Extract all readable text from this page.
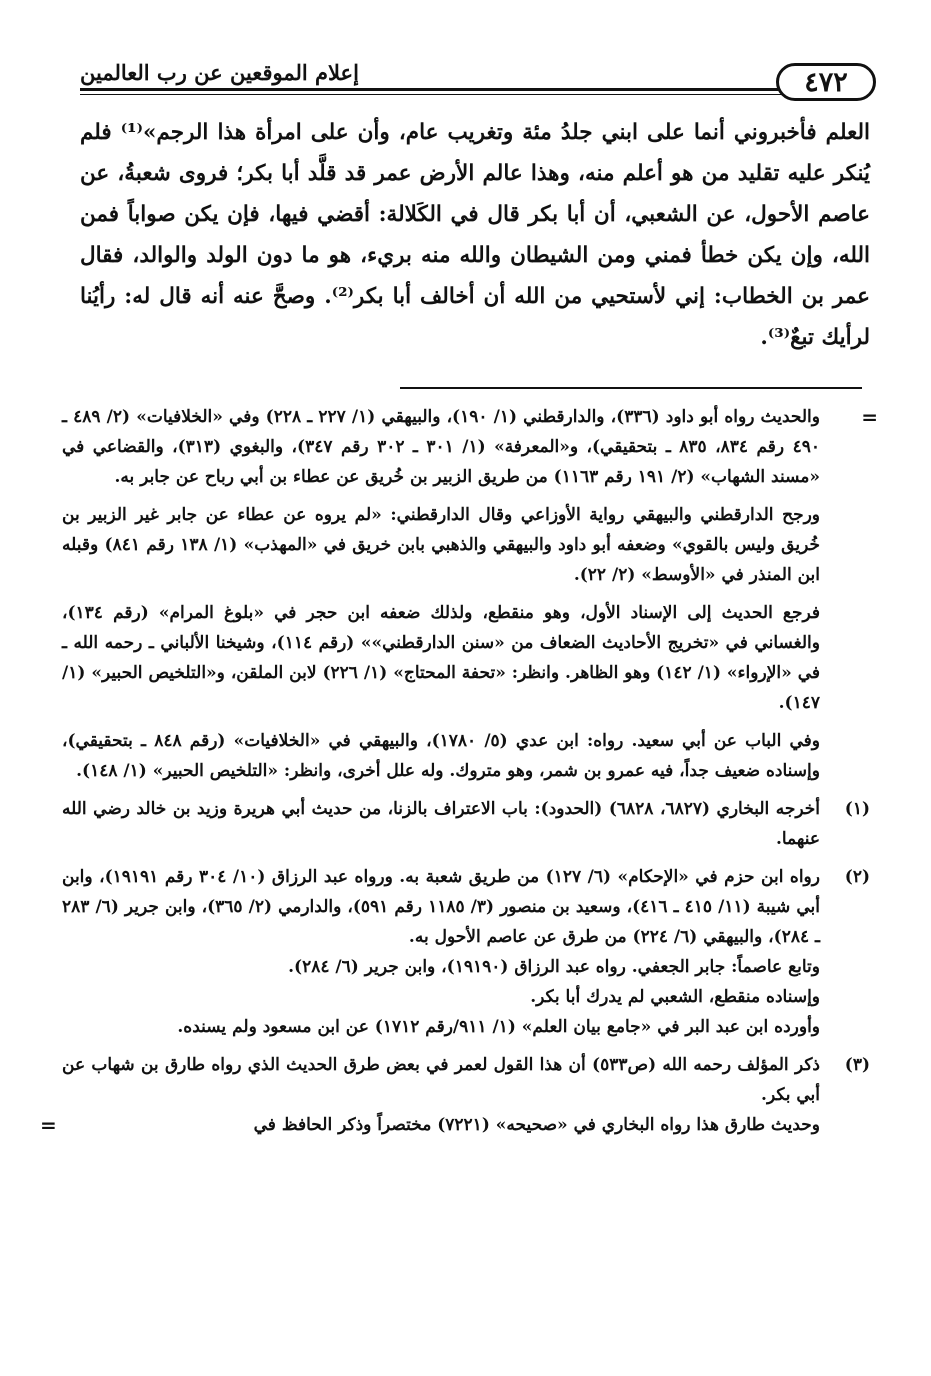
إعلام الموقعين عن رب العالمين	٤٧٢

العلم فأخبروني أنما على ابني جلدُ مئة وتغريب عام، وأن على امرأة هذا الرجم»⁽¹⁾ فلم يُنكر عليه تقليد من هو أعلم منه، وهذا عالم الأرض عمر قد قلَّد أبا بكر؛ فروى شعبةُ، عن عاصم الأحول، عن الشعبي، أن أبا بكر قال في الكَلالة: أقضي فيها، فإن يكن صواباً فمن الله، وإن يكن خطأ فمني ومن الشيطان والله منه بريء، هو ما دون الولد والوالد، فقال عمر بن الخطاب: إني لأستحيي من الله أن أخالف أبا بكر⁽²⁾. وصحَّ عنه أنه قال له: رأيُنا لرأيك تبعٌ⁽³⁾.

=

والحديث رواه أبو داود (٣٣٦)، والدارقطني (١/ ١٩٠)، والبيهقي (١/ ٢٢٧ ـ ٢٢٨) وفي «الخلافيات» (٢/ ٤٨٩ ـ ٤٩٠ رقم ٨٣٤، ٨٣٥ ـ بتحقيقي)، و«المعرفة» (١/ ٣٠١ ـ ٣٠٢ رقم ٣٤٧)، والبغوي (٣١٣)، والقضاعي في «مسند الشهاب» (٢/ ١٩١ رقم ١١٦٣) من طريق الزبير بن خُريق عن عطاء بن أبي رباح عن جابر به.

ورجح الدارقطني والبيهقي رواية الأوزاعي وقال الدارقطني: «لم يروه عن عطاء عن جابر غير الزبير بن خُريق وليس بالقوي» وضعفه أبو داود والبيهقي والذهبي بابن خريق في «المهذب» (١/ ١٣٨ رقم ٨٤١) وقبله ابن المنذر في «الأوسط» (٢/ ٢٢).

فرجع الحديث إلى الإسناد الأول، وهو منقطع، ولذلك ضعفه ابن حجر في «بلوغ المرام» (رقم ١٣٤)، والغساني في «تخريج الأحاديث الضعاف من «سنن الدارقطني»» (رقم ١١٤)، وشيخنا الألباني ـ رحمه الله ـ في «الإرواء» (١/ ١٤٢) وهو الظاهر. وانظر: «تحفة المحتاج» (١/ ٢٢٦) لابن الملقن، و«التلخيص الحبير» (١/ ١٤٧).

وفي الباب عن أبي سعيد. رواه: ابن عدي (٥/ ١٧٨٠)، والبيهقي في «الخلافيات» (رقم ٨٤٨ ـ بتحقيقي)، وإسناده ضعيف جداً، فيه عمرو بن شمر، وهو متروك. وله علل أخرى، وانظر: «التلخيص الحبير» (١/ ١٤٨).

(١)

أخرجه البخاري (٦٨٢٧، ٦٨٢٨) (الحدود): باب الاعتراف بالزنا، من حديث أبي هريرة وزيد بن خالد رضي الله عنهما.

(٢)

رواه ابن حزم في «الإحكام» (٦/ ١٢٧) من طريق شعبة به. ورواه عبد الرزاق (١٠/ ٣٠٤ رقم ١٩١٩١)، وابن أبي شيبة (١١/ ٤١٥ ـ ٤١٦)، وسعيد بن منصور (٣/ ١١٨٥ رقم ٥٩١)، والدارمي (٢/ ٣٦٥)، وابن جرير (٦/ ٢٨٣ ـ ٢٨٤)، والبيهقي (٦/ ٢٢٤) من طرق عن عاصم الأحول به.

وتابع عاصماً: جابر الجعفي. رواه عبد الرزاق (١٩١٩٠)، وابن جرير (٦/ ٢٨٤).

وإسناده منقطع، الشعبي لم يدرك أبا بكر.

وأورده ابن عبد البر في «جامع بيان العلم» (١/ ٩١١/رقم ١٧١٢) عن ابن مسعود ولم يسنده.

(٣)

ذكر المؤلف رحمه الله (ص٥٣٣) أن هذا القول لعمر في بعض طرق الحديث الذي رواه طارق بن شهاب عن أبي بكر.

وحديث طارق هذا رواه البخاري في «صحيحه» (٧٢٢١) مختصراً وذكر الحافظ في

=
